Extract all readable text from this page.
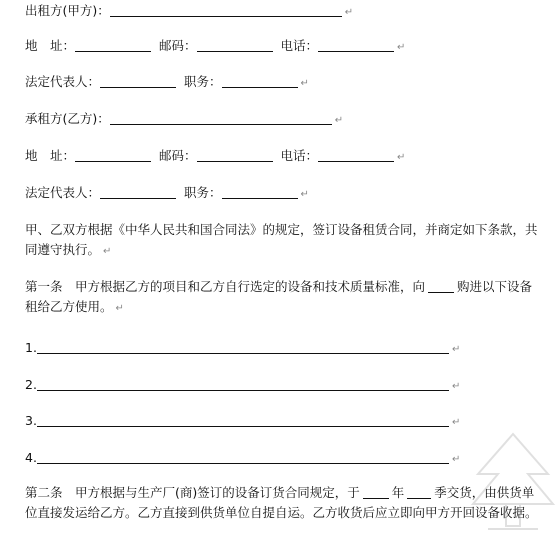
出租方(甲方)：	↵
地　址：	邮码：	电话：	↵
法定代表人：	职务：	↵
承租方(乙方)：	↵
地　址：	邮码：	电话：	↵
法定代表人：	职务：	↵
甲、乙双方根据《中华人民共和国合同法》的规定，签订设备租赁合同，并商定如下条款，共同遵守执行。 ↵
第一条　甲方根据乙方的项目和乙方自行选定的设备和技术质量标准，向	购进以下设备租给乙方使用。 ↵
1.	↵
2.	↵
3.	↵
4.	↵
第二条　甲方根据与生产厂(商)签订的设备订货合同规定，于	年 季交货，由供货单位直接发运给乙方。乙方直接到供货单位自提自运。乙方收货后应立即向甲方开回设备收据。
